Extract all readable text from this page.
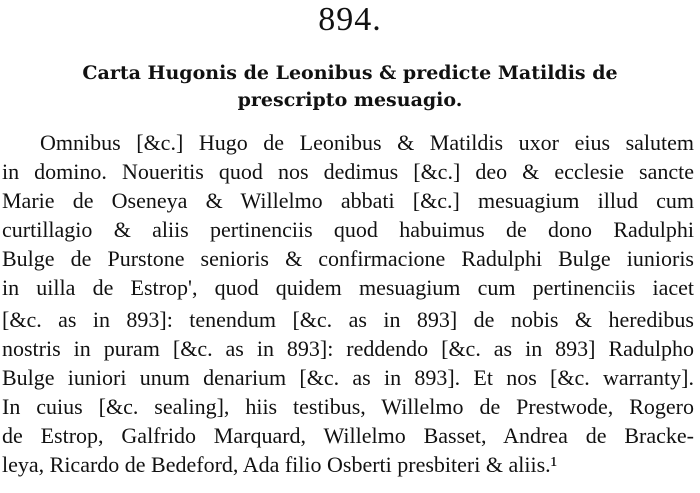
894.
Carta Hugonis de Leonibus & predicte Matildis de
prescripto mesuagio.
Omnibus [&c.] Hugo de Leonibus & Matildis uxor eius salutem
in domino. Noueritis quod nos dedimus [&c.] deo & ecclesie sancte
Marie de Oseneya & Willelmo abbati [&c.] mesuagium illud cum
curtillagio & aliis pertinenciis quod habuimus de dono Radulphi
Bulge de Purstone senioris & confirmacione Radulphi Bulge iunioris
in uilla de Estrop', quod quidem mesuagium cum pertinenciis iacet
[&c. as in 893]: tenendum [&c. as in 893] de nobis & heredibus
nostris in puram [&c. as in 893]: reddendo [&c. as in 893] Radulpho
Bulge iuniori unum denarium [&c. as in 893]. Et nos [&c. warranty].
In cuius [&c. sealing], hiis testibus, Willelmo de Prestwode, Rogero
de Estrop, Galfrido Marquard, Willelmo Basset, Andrea de Bracke-
leya, Ricardo de Bedeford, Ada filio Osberti presbiteri & aliis.¹
